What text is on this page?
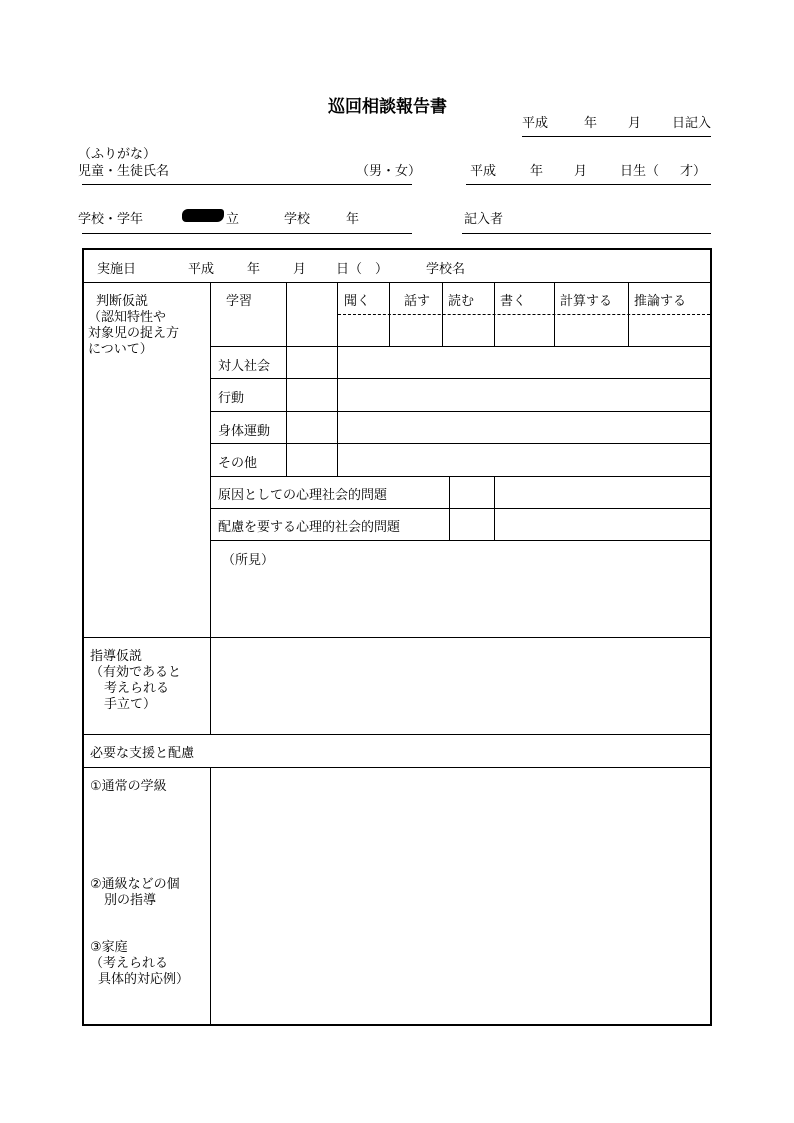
巡回相談報告書
平成	年 月 日記入
（ふりがな）
児童・生徒氏名	（男・女）	平成	年 月	日生（ 才）
学校・学年	立	学校	年	記入者
実施日	平成	年	月 日（　）	学校名
判断仮説
（認知特性や
対象児の捉え方
について）
学習	聞く	話す 読む 書く	計算する 推論する
対人社会
行動
身体運動
その他
原因としての心理社会的問題
配慮を要する心理的社会的問題
（所見）
指導仮説
（有効であると
考えられる
手立て）
必要な支援と配慮
①通常の学級
②通級などの個
別の指導
③家庭
（考えられる
具体的対応例）
